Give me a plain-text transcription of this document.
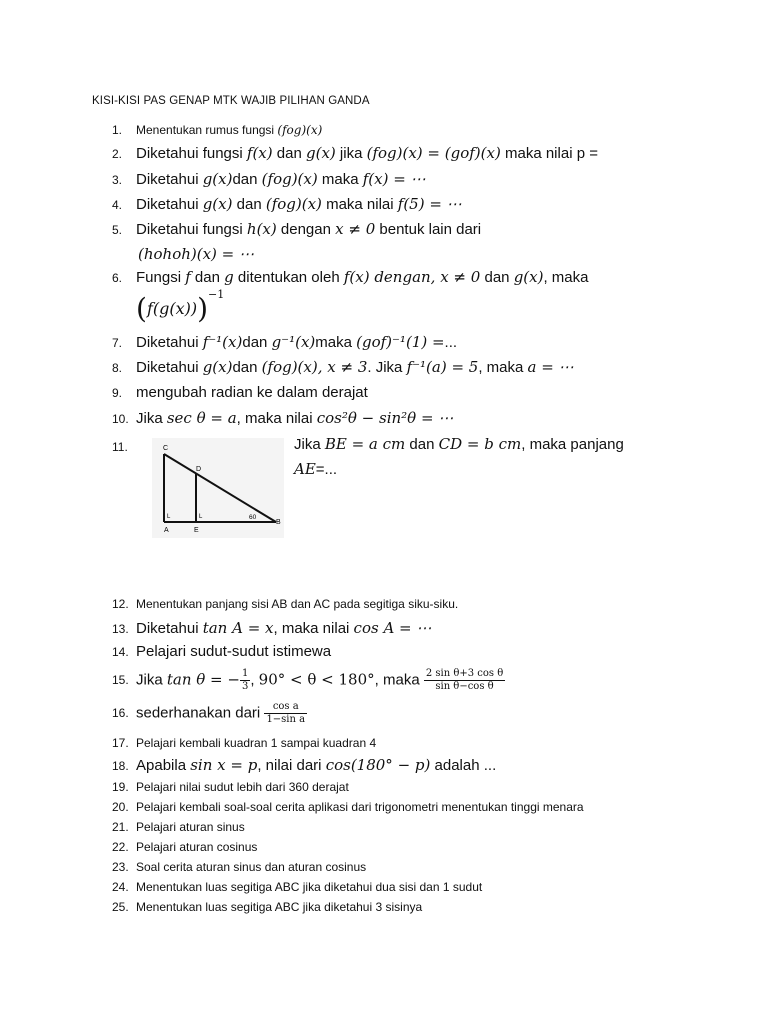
KISI-KISI PAS GENAP MTK WAJIB PILIHAN GANDA
1. Menentukan rumus fungsi (fog)(x)
2. Diketahui fungsi f(x) dan g(x) jika (fog)(x) = (gof)(x) maka nilai p =
3. Diketahui g(x)dan (fog)(x) maka f(x) = ⋯
4. Diketahui g(x) dan (fog)(x) maka nilai f(5) = ⋯
5. Diketahui fungsi h(x) dengan x ≠ 0 bentuk lain dari
(hohoh)(x) = ⋯
6. Fungsi f dan g ditentukan oleh f(x) dengan, x ≠ 0 dan g(x), maka
$(f(g(x)))^{-1}$
7. Diketahui f⁻¹(x)dan g⁻¹(x)maka (gof)⁻¹(1) =...
8. Diketahui g(x)dan (fog)(x), x ≠ 3. Jika f⁻¹(a) = 5, maka a = ⋯
9. mengubah radian ke dalam derajat
10. Jika sec θ = a, maka nilai cos²θ − sin²θ = ⋯
11.	Jika BE = a cm dan CD = b cm, maka panjang
AE=...
C
D
A	E
B
L	L	60
12. Menentukan panjang sisi AB dan AC pada segitiga siku-siku.
13. Diketahui tan A = x, maka nilai cos A = ⋯
14. Pelajari sudut-sudut istimewa
15. Jika tan θ = − $\frac{1}{3}$ , 90° < θ < 180°, maka $\frac{\text{2 sin θ+3 cos θ}}{\text{sin θ−cos θ}}$
16. sederhanakan dari $\frac{\text{cos a}}{\text{1−sin a}}$
17. Pelajari kembali kuadran 1 sampai kuadran 4
18. Apabila sin x = p, nilai dari cos(180° − p) adalah ...
19. Pelajari nilai sudut lebih dari 360 derajat
20. Pelajari kembali soal-soal cerita aplikasi dari trigonometri menentukan tinggi menara
21. Pelajari aturan sinus
22. Pelajari aturan cosinus
23. Soal cerita aturan sinus dan aturan cosinus
24. Menentukan luas segitiga ABC jika diketahui dua sisi dan 1 sudut
25. Menentukan luas segitiga ABC jika diketahui 3 sisinya
